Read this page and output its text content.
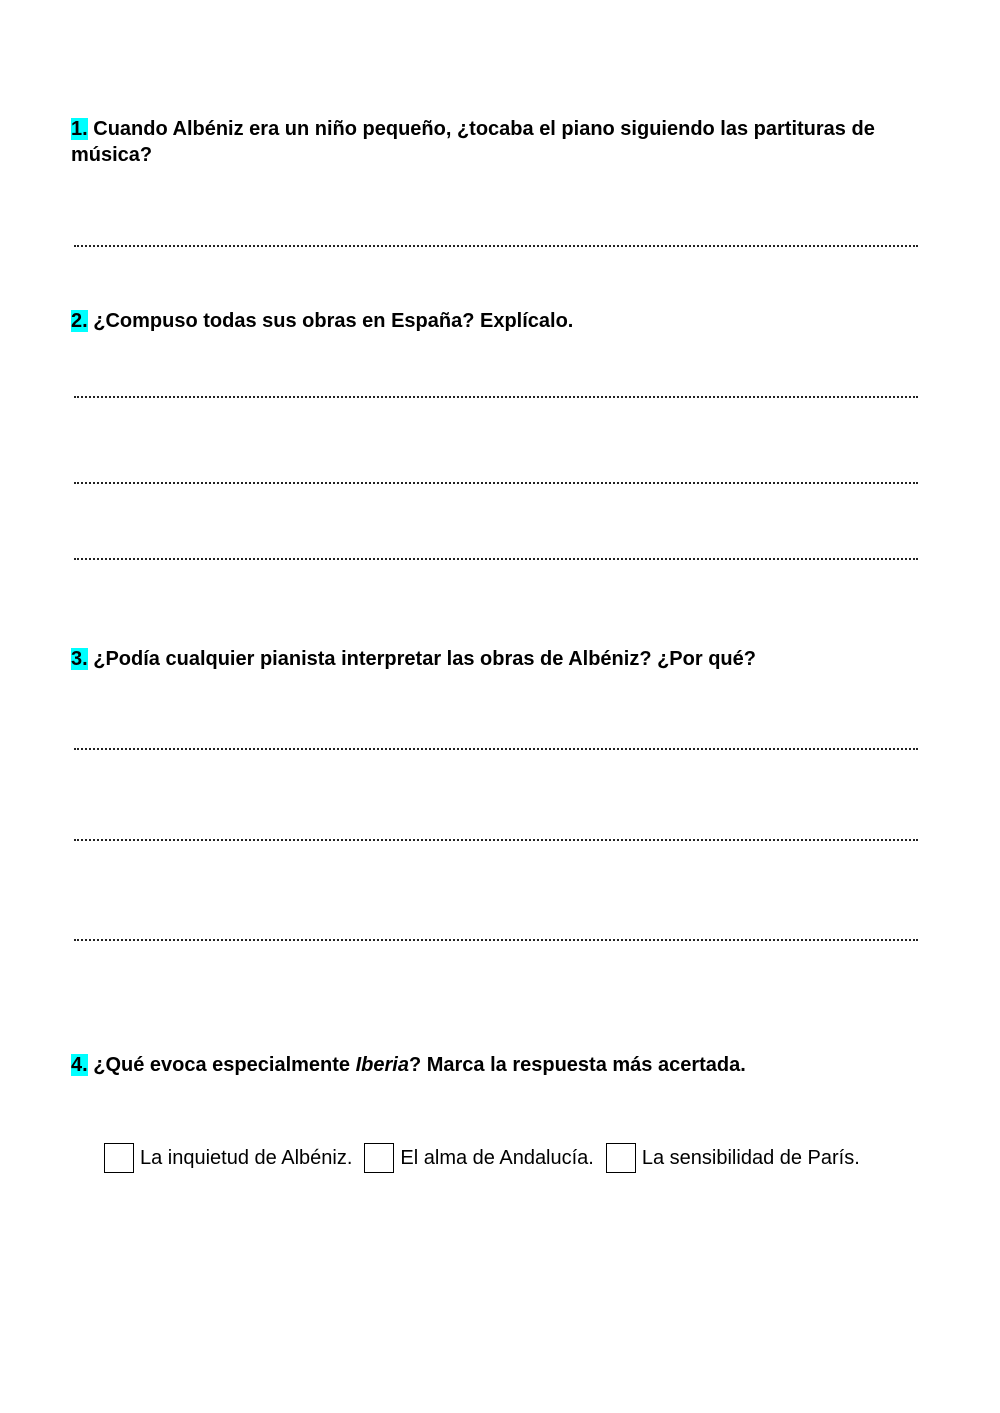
1. Cuando Albéniz era un niño pequeño, ¿tocaba el piano siguiendo las partituras de música?
2. ¿Compuso todas sus obras en España? Explícalo.
3. ¿Podía cualquier pianista interpretar las obras de Albéniz? ¿Por qué?
4. ¿Qué evoca especialmente Iberia? Marca la respuesta más acertada.
La inquietud de Albéniz. El alma de Andalucía. La sensibilidad de París.
